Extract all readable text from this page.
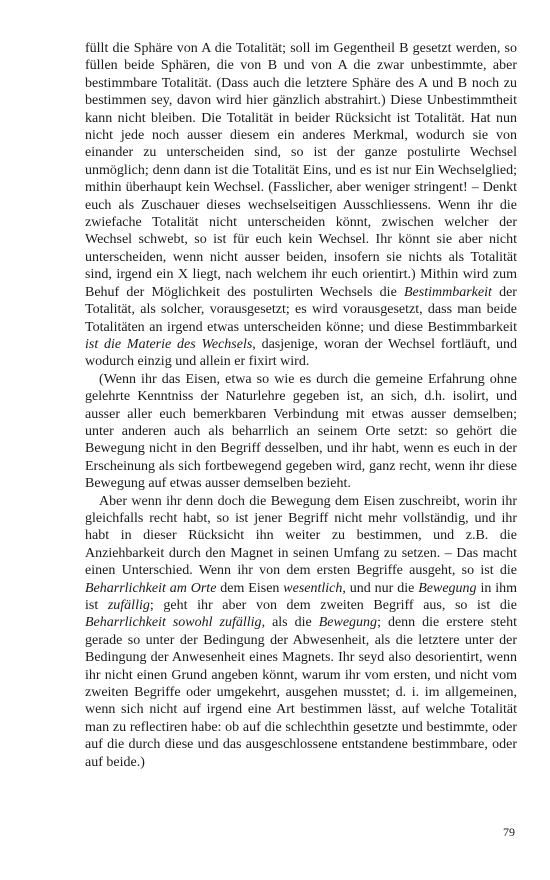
füllt die Sphäre von A die Totalität; soll im Gegentheil B gesetzt werden, so füllen beide Sphären, die von B und von A die zwar unbestimmte, aber bestimmbare Totalität. (Dass auch die letztere Sphäre des A und B noch zu bestimmen sey, davon wird hier gänzlich abstrahirt.) Diese Unbestimmtheit kann nicht bleiben. Die Totalität in beider Rücksicht ist Totalität. Hat nun nicht jede noch ausser diesem ein anderes Merkmal, wodurch sie von einander zu unterscheiden sind, so ist der ganze postulirte Wechsel unmöglich; denn dann ist die Totalität Eins, und es ist nur Ein Wechselglied; mithin überhaupt kein Wechsel. (Fasslicher, aber weniger stringent! – Denkt euch als Zuschauer dieses wechselseitigen Ausschliessens. Wenn ihr die zwiefache Totalität nicht unterscheiden könnt, zwischen welcher der Wechsel schwebt, so ist für euch kein Wechsel. Ihr könnt sie aber nicht unterscheiden, wenn nicht ausser beiden, insofern sie nichts als Totalität sind, irgend ein X liegt, nach welchem ihr euch orientirt.) Mithin wird zum Behuf der Möglichkeit des postulirten Wechsels die Bestimmbarkeit der Totalität, als solcher, vorausgesetzt; es wird vorausgesetzt, dass man beide Totalitäten an irgend etwas unterscheiden könne; und diese Bestimmbarkeit ist die Materie des Wechsels, dasjenige, woran der Wechsel fortläuft, und wodurch einzig und allein er fixirt wird.

(Wenn ihr das Eisen, etwa so wie es durch die gemeine Erfahrung ohne gelehrte Kenntniss der Naturlehre gegeben ist, an sich, d.h. isolirt, und ausser aller euch bemerkbaren Verbindung mit etwas ausser demselben; unter anderen auch als beharrlich an seinem Orte setzt: so gehört die Bewegung nicht in den Begriff desselben, und ihr habt, wenn es euch in der Erscheinung als sich fortbewegend gegeben wird, ganz recht, wenn ihr diese Bewegung auf etwas ausser demselben bezieht.

Aber wenn ihr denn doch die Bewegung dem Eisen zuschreibt, worin ihr gleichfalls recht habt, so ist jener Begriff nicht mehr vollständig, und ihr habt in dieser Rücksicht ihn weiter zu bestimmen, und z.B. die Anziehbarkeit durch den Magnet in seinen Umfang zu setzen. – Das macht einen Unterschied. Wenn ihr von dem ersten Begriffe ausgeht, so ist die Beharrlichkeit am Orte dem Eisen wesentlich, und nur die Bewegung in ihm ist zufällig; geht ihr aber von dem zweiten Begriff aus, so ist die Beharrlichkeit sowohl zufällig, als die Bewegung; denn die erstere steht gerade so unter der Bedingung der Abwesenheit, als die letztere unter der Bedingung der Anwesenheit eines Magnets. Ihr seyd also desorientirt, wenn ihr nicht einen Grund angeben könnt, warum ihr vom ersten, und nicht vom zweiten Begriffe oder umgekehrt, ausgehen musstet; d. i. im allgemeinen, wenn sich nicht auf irgend eine Art bestimmen lässt, auf welche Totalität man zu reflectiren habe: ob auf die schlechthin gesetzte und bestimmte, oder auf die durch diese und das ausgeschlossene entstandene bestimmbare, oder auf beide.)

79
